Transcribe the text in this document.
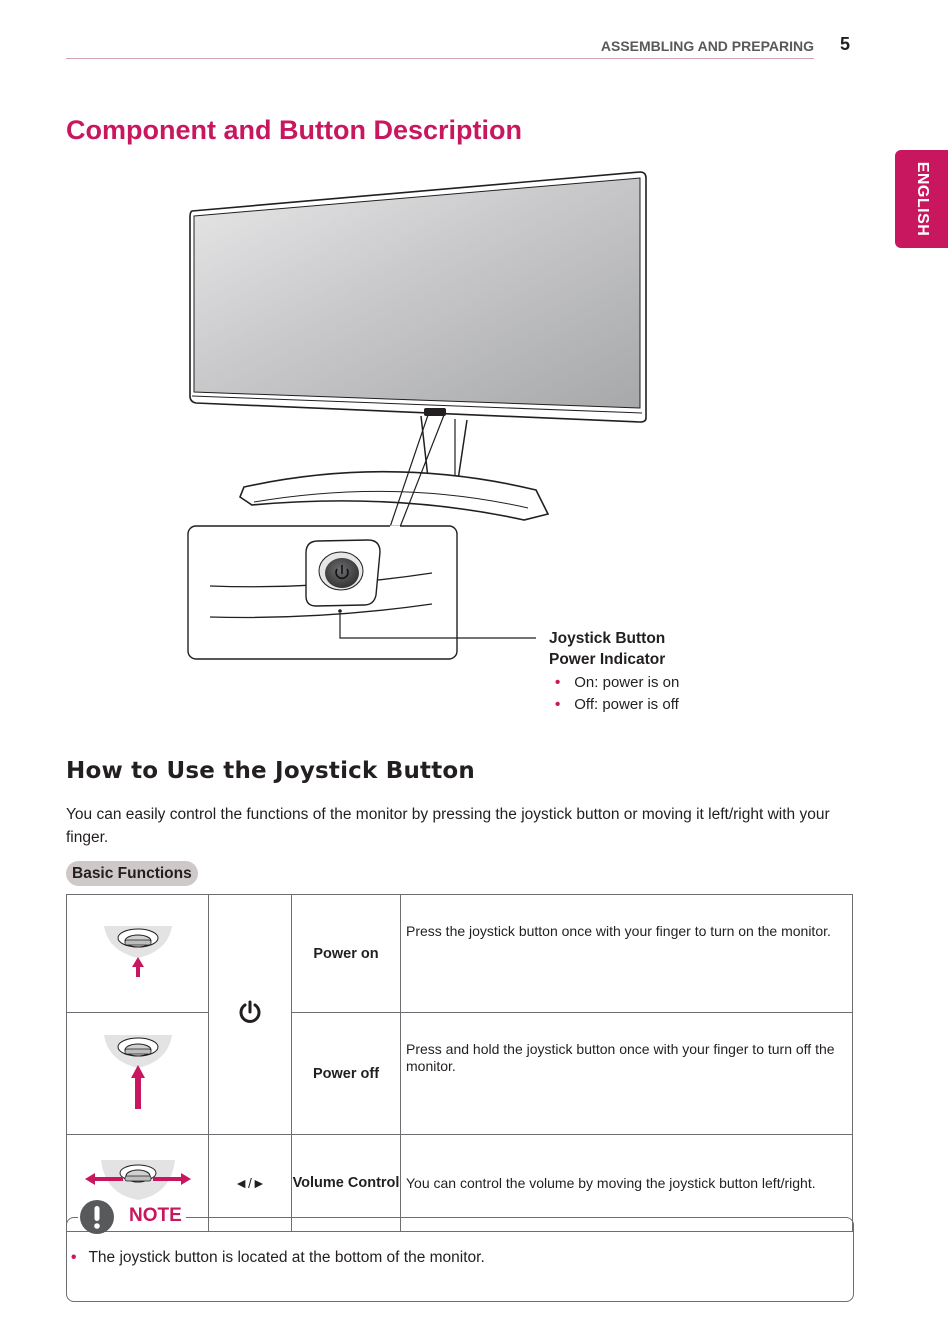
ASSEMBLING AND PREPARING 5
ENGLISH
Component and Button Description
Joystick Button
Power Indicator
• On: power is on
• Off: power is off
How to Use the Joystick Button
You can easily control the functions of the monitor by pressing the joystick button or moving it left/right with your finger.
Basic Functions
		Power on	Press the joystick button once with your finger to turn on the monitor.
	Power off	Press and hold the joystick button once with your finger to turn off the monitor.
	◄/►	Volume Control	You can control the volume by moving the joystick button left/right.
NOTE
• The joystick button is located at the bottom of the monitor.
